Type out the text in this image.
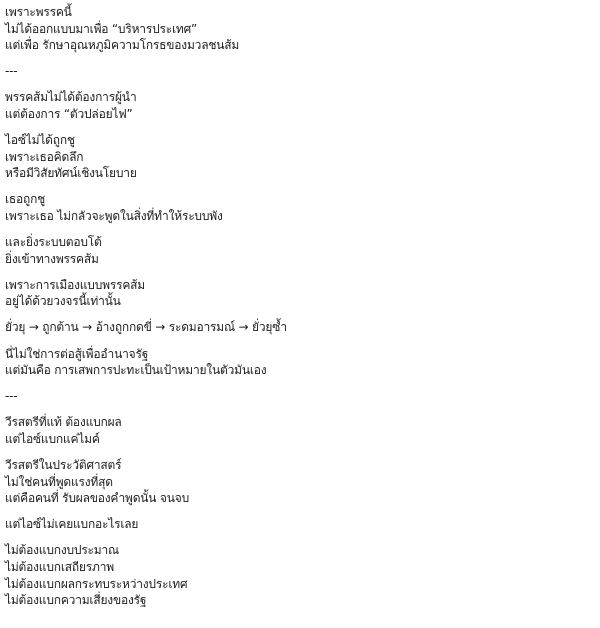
เพราะพรรคนี้
ไม่ได้ออกแบบมาเพื่อ “บริหารประเทศ”
แต่เพื่อ รักษาอุณหภูมิความโกรธของมวลชนส้ม
---
พรรคส้มไม่ได้ต้องการผู้นำ
แต่ต้องการ “ตัวปล่อยไฟ”
ไอซ์ไม่ได้ถูกชู
เพราะเธอคิดลึก
หรือมีวิสัยทัศน์เชิงนโยบาย
เธอถูกชู
เพราะเธอ ไม่กลัวจะพูดในสิ่งที่ทำให้ระบบพัง
และยิ่งระบบตอบโต้
ยิ่งเข้าทางพรรคส้ม
เพราะการเมืองแบบพรรคส้ม
อยู่ได้ด้วยวงจรนี้เท่านั้น
ยั่วยุ → ถูกต้าน → อ้างถูกกดขี่ → ระดมอารมณ์ → ยั่วยุซ้ำ
นี่ไม่ใช่การต่อสู้เพื่ออำนาจรัฐ
แต่มันคือ การเสพการปะทะเป็นเป้าหมายในตัวมันเอง
---
วีรสตรีที่แท้ ต้องแบกผล
แต่ไอซ์แบกแค่ไมค์
วีรสตรีในประวัติศาสตร์
ไม่ใช่คนที่พูดแรงที่สุด
แต่คือคนที่ รับผลของคำพูดนั้น จนจบ
แต่ไอซ์ไม่เคยแบกอะไรเลย
ไม่ต้องแบกงบประมาณ
ไม่ต้องแบกเสถียรภาพ
ไม่ต้องแบกผลกระทบระหว่างประเทศ
ไม่ต้องแบกความเสี่ยงของรัฐ
